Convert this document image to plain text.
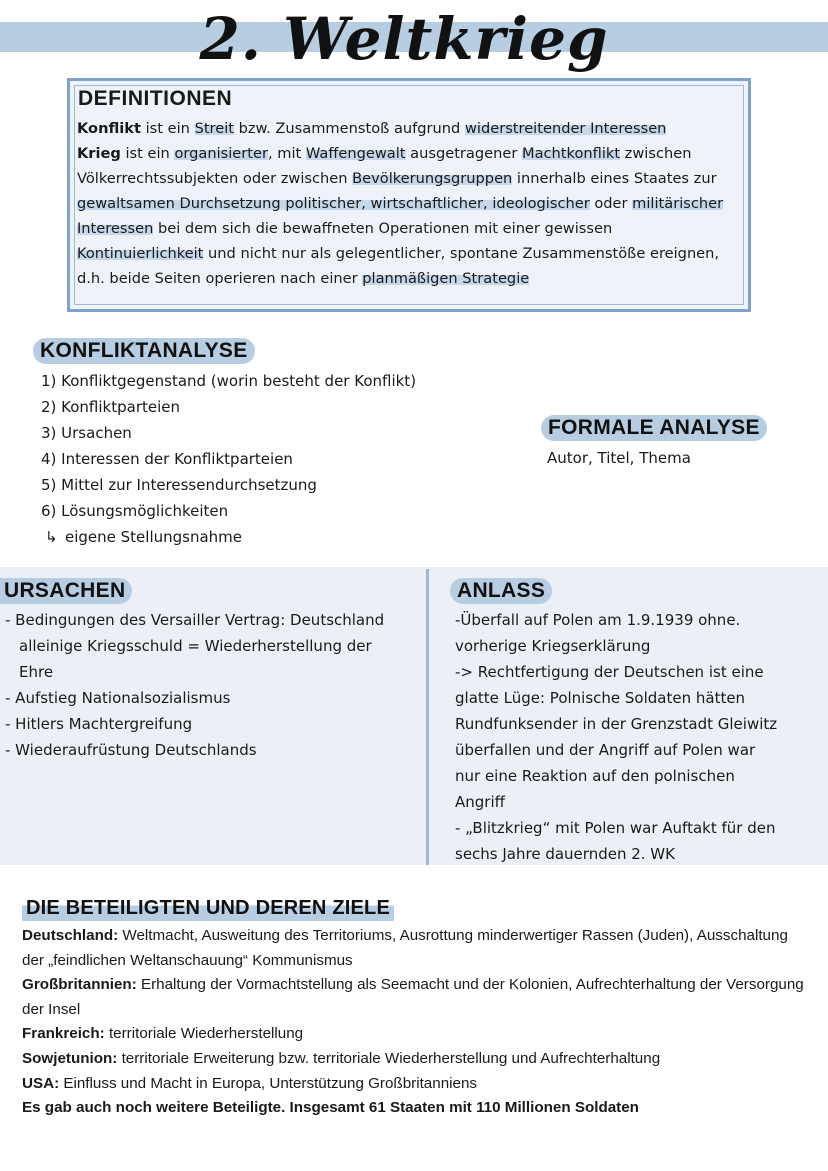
2. Weltkrieg
DEFINITIONEN

Konflikt ist ein Streit bzw. Zusammenstoß aufgrund widerstreitender Interessen

Krieg ist ein organisierter, mit Waffengewalt ausgetragener Machtkonflikt zwischen Völkerrechtssubjekten oder zwischen Bevölkerungsgruppen innerhalb eines Staates zur gewaltsamen Durchsetzung politischer, wirtschaftlicher, ideologischer oder militärischer Interessen bei dem sich die bewaffneten Operationen mit einer gewissen Kontinuierlichkeit und nicht nur als gelegentlicher, spontane Zusammenstöße ereignen, d.h. beide Seiten operieren nach einer planmäßigen Strategie

KONFLIKTANALYSE
1) Konfliktgegenstand (worin besteht der Konflikt)
2) Konfliktparteien
3) Ursachen
4) Interessen der Konfliktparteien
5) Mittel zur Interessendurchsetzung
6) Lösungsmöglichkeiten
↳ eigene Stellungsnahme
FORMALE ANALYSE
Autor, Titel, Thema
URSACHEN
- Bedingungen des Versailler Vertrag: Deutschland
alleinige Kriegsschuld = Wiederherstellung der
Ehre
- Aufstieg Nationalsozialismus
- Hitlers Machtergreifung
- Wiederaufrüstung Deutschlands
ANLASS
-Überfall auf Polen am 1.9.1939 ohne.
vorherige Kriegserklärung
-> Rechtfertigung der Deutschen ist eine
glatte Lüge: Polnische Soldaten hätten
Rundfunksender in der Grenzstadt Gleiwitz
überfallen und der Angriff auf Polen war
nur eine Reaktion auf den polnischen
Angriff
- „Blitzkrieg“ mit Polen war Auftakt für den
sechs Jahre dauernden 2. WK
DIE BETEILIGTEN UND DEREN ZIELE

Deutschland: Weltmacht, Ausweitung des Territoriums, Ausrottung minderwertiger Rassen (Juden), Ausschaltung der „feindlichen Weltanschauung“ Kommunismus

Großbritannien: Erhaltung der Vormachtstellung als Seemacht und der Kolonien, Aufrechterhaltung der Versorgung der Insel

Frankreich: territoriale Wiederherstellung

Sowjetunion: territoriale Erweiterung bzw. territoriale Wiederherstellung und Aufrechterhaltung

USA: Einfluss und Macht in Europa, Unterstützung Großbritanniens

Es gab auch noch weitere Beteiligte. Insgesamt 61 Staaten mit 110 Millionen Soldaten
